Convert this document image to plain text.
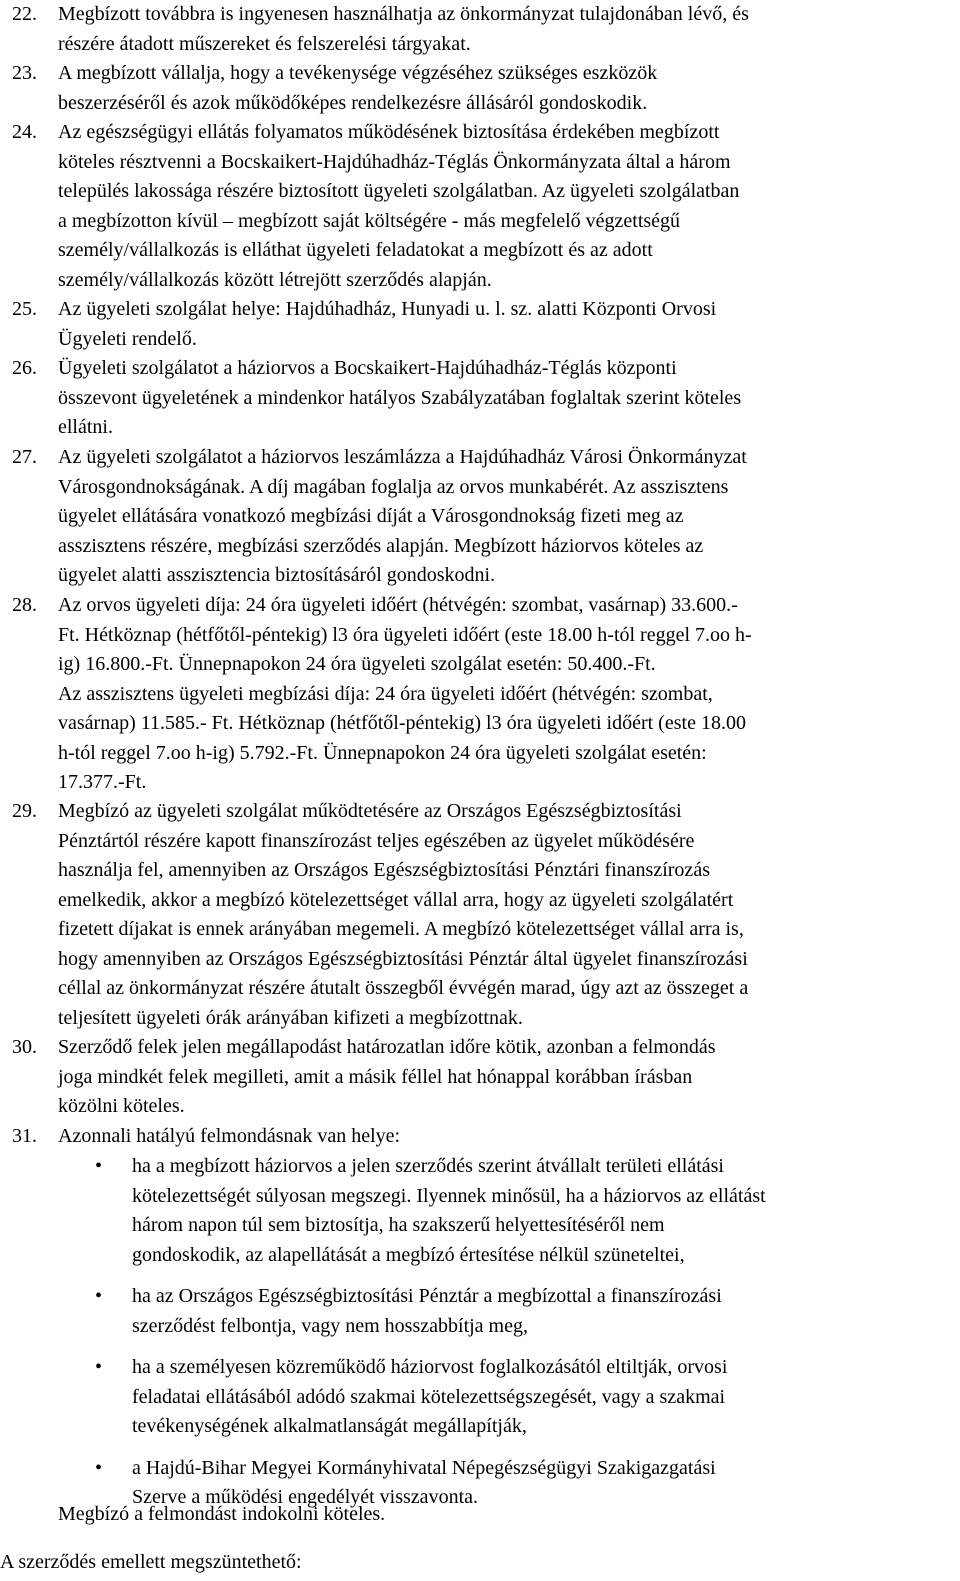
22. Megbízott továbbra is ingyenesen használhatja az önkormányzat tulajdonában lévő, és
részére átadott műszereket és felszerelési tárgyakat.
23. A megbízott vállalja, hogy a tevékenysége végzéséhez szükséges eszközök
beszerzéséről és azok működőképes rendelkezésre állásáról gondoskodik.
24. Az egészségügyi ellátás folyamatos működésének biztosítása érdekében megbízott
köteles résztvenni a Bocskaikert-Hajdúhadház-Téglás Önkormányzata által a három
település lakossága részére biztosított ügyeleti szolgálatban. Az ügyeleti szolgálatban
a megbízotton kívül – megbízott saját költségére - más megfelelő végzettségű
személy/vállalkozás is elláthat ügyeleti feladatokat a megbízott és az adott
személy/vállalkozás között létrejött szerződés alapján.
25. Az ügyeleti szolgálat helye: Hajdúhadház, Hunyadi u. l. sz. alatti Központi Orvosi
Ügyeleti rendelő.
26. Ügyeleti szolgálatot a háziorvos a Bocskaikert-Hajdúhadház-Téglás központi
összevont ügyeletének a mindenkor hatályos Szabályzatában foglaltak szerint köteles
ellátni.
27. Az ügyeleti szolgálatot a háziorvos leszámlázza a Hajdúhadház Városi Önkormányzat
Városgondnokságának. A díj magában foglalja az orvos munkabérét. Az asszisztens
ügyelet ellátására vonatkozó megbízási díját a Városgondnokság fizeti meg az
asszisztens részére, megbízási szerződés alapján. Megbízott háziorvos köteles az
ügyelet alatti asszisztencia biztosításáról gondoskodni.
28. Az orvos ügyeleti díja: 24 óra ügyeleti időért (hétvégén: szombat, vasárnap) 33.600.-
Ft. Hétköznap (hétfőtől-péntekig) l3 óra ügyeleti időért (este 18.00 h-tól reggel 7.oo h-
ig) 16.800.-Ft. Ünnepnapokon 24 óra ügyeleti szolgálat esetén: 50.400.-Ft.
Az asszisztens ügyeleti megbízási díja: 24 óra ügyeleti időért (hétvégén: szombat,
vasárnap) 11.585.- Ft. Hétköznap (hétfőtől-péntekig) l3 óra ügyeleti időért (este 18.00
h-tól reggel 7.oo h-ig) 5.792.-Ft. Ünnepnapokon 24 óra ügyeleti szolgálat esetén:
17.377.-Ft.
29. Megbízó az ügyeleti szolgálat működtetésére az Országos Egészségbiztosítási
Pénztártól részére kapott finanszírozást teljes egészében az ügyelet működésére
használja fel, amennyiben az Országos Egészségbiztosítási Pénztári finanszírozás
emelkedik, akkor a megbízó kötelezettséget vállal arra, hogy az ügyeleti szolgálatért
fizetett díjakat is ennek arányában megemeli. A megbízó kötelezettséget vállal arra is,
hogy amennyiben az Országos Egészségbiztosítási Pénztár által ügyelet finanszírozási
céllal az önkormányzat részére átutalt összegből évvégén marad, úgy azt az összeget a
teljesített ügyeleti órák arányában kifizeti a megbízottnak.
30. Szerződő felek jelen megállapodást határozatlan időre kötik, azonban a felmondás
joga mindkét felek megilleti, amit a másik féllel hat hónappal korábban írásban
közölni köteles.
31. Azonnali hatályú felmondásnak van helye:
• ha a megbízott háziorvos a jelen szerződés szerint átvállalt területi ellátási
kötelezettségét súlyosan megszegi. Ilyennek minősül, ha a háziorvos az ellátást
három napon túl sem biztosítja, ha szakszerű helyettesítéséről nem
gondoskodik, az alapellátását a megbízó értesítése nélkül szüneteltei,
• ha az Országos Egészségbiztosítási Pénztár a megbízottal a finanszírozási
szerződést felbontja, vagy nem hosszabbítja meg,
• ha a személyesen közreműködő háziorvost foglalkozásától eltiltják, orvosi
feladatai ellátásából adódó szakmai kötelezettségszegését, vagy a szakmai
tevékenységének alkalmatlanságát megállapítják,
• a Hajdú-Bihar Megyei Kormányhivatal Népegészségügyi Szakigazgatási
Szerve a működési engedélyét visszavonta.
Megbízó a felmondást indokolni köteles.
A szerződés emellett megszüntethető:
